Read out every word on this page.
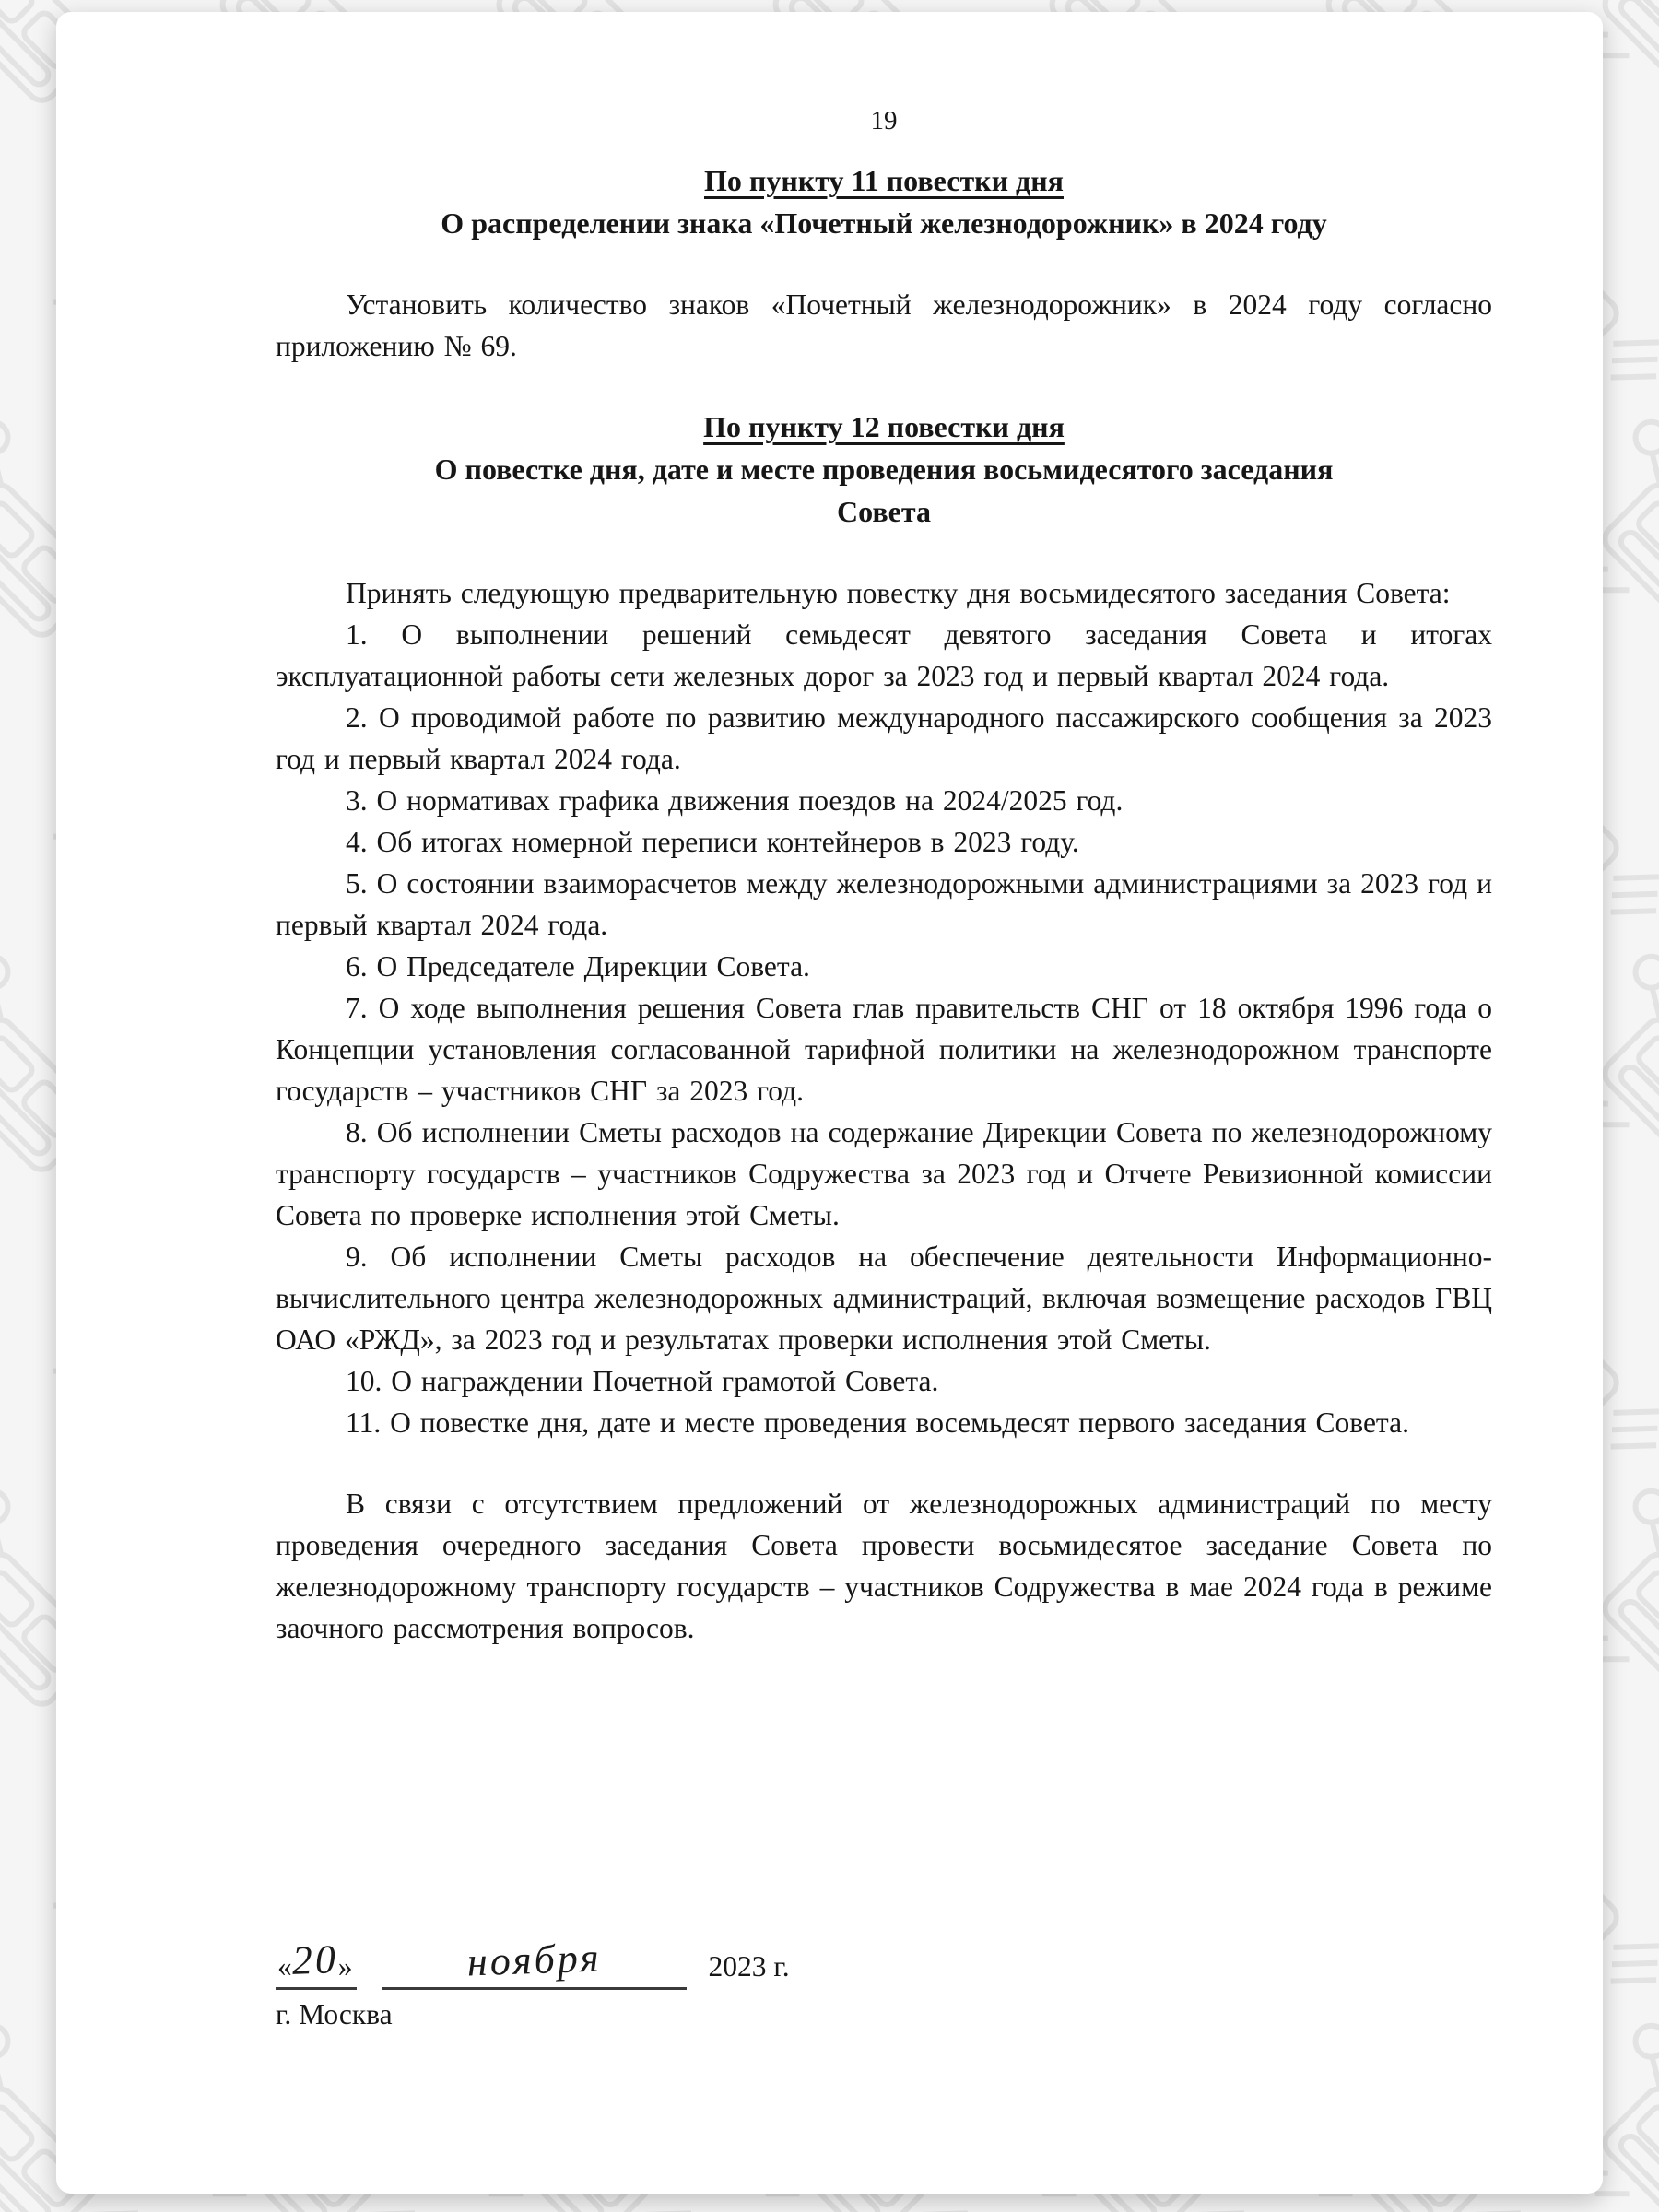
19
По пункту 11 повестки дня
О распределении знака «Почетный железнодорожник» в 2024 году

Установить количество знаков «Почетный железнодорожник» в 2024 году согласно приложению № 69.

По пункту 12 повестки дня
О повестке дня, дате и месте проведения восьмидесятого заседания Совета

Принять следующую предварительную повестку дня восьмидесятого заседания Совета:

1. О выполнении решений семьдесят девятого заседания Совета и итогах эксплуатационной работы сети железных дорог за 2023 год и первый квартал 2024 года.

2. О проводимой работе по развитию международного пассажирского сообщения за 2023 год и первый квартал 2024 года.

3. О нормативах графика движения поездов на 2024/2025 год.

4. Об итогах номерной переписи контейнеров в 2023 году.

5. О состоянии взаиморасчетов между железнодорожными администрациями за 2023 год и первый квартал 2024 года.

6. О Председателе Дирекции Совета.

7. О ходе выполнения решения Совета глав правительств СНГ от 18 октября 1996 года о Концепции установления согласованной тарифной политики на железнодорожном транспорте государств – участников СНГ за 2023 год.

8. Об исполнении Сметы расходов на содержание Дирекции Совета по железнодорожному транспорту государств – участников Содружества за 2023 год и Отчете Ревизионной комиссии Совета по проверке исполнения этой Сметы.

9. Об исполнении Сметы расходов на обеспечение деятельности Информационно-вычислительного центра железнодорожных администраций, включая возмещение расходов ГВЦ ОАО «РЖД», за 2023 год и результатах проверки исполнения этой Сметы.

10. О награждении Почетной грамотой Совета.

11. О повестке дня, дате и месте проведения восемьдесят первого заседания Совета.

В связи с отсутствием предложений от железнодорожных администраций по месту проведения очередного заседания Совета провести восьмидесятое заседание Совета по железнодорожному транспорту государств – участников Содружества в мае 2024 года в режиме заочного рассмотрения вопросов.

«20»	ноября	2023 г.
г. Москва
